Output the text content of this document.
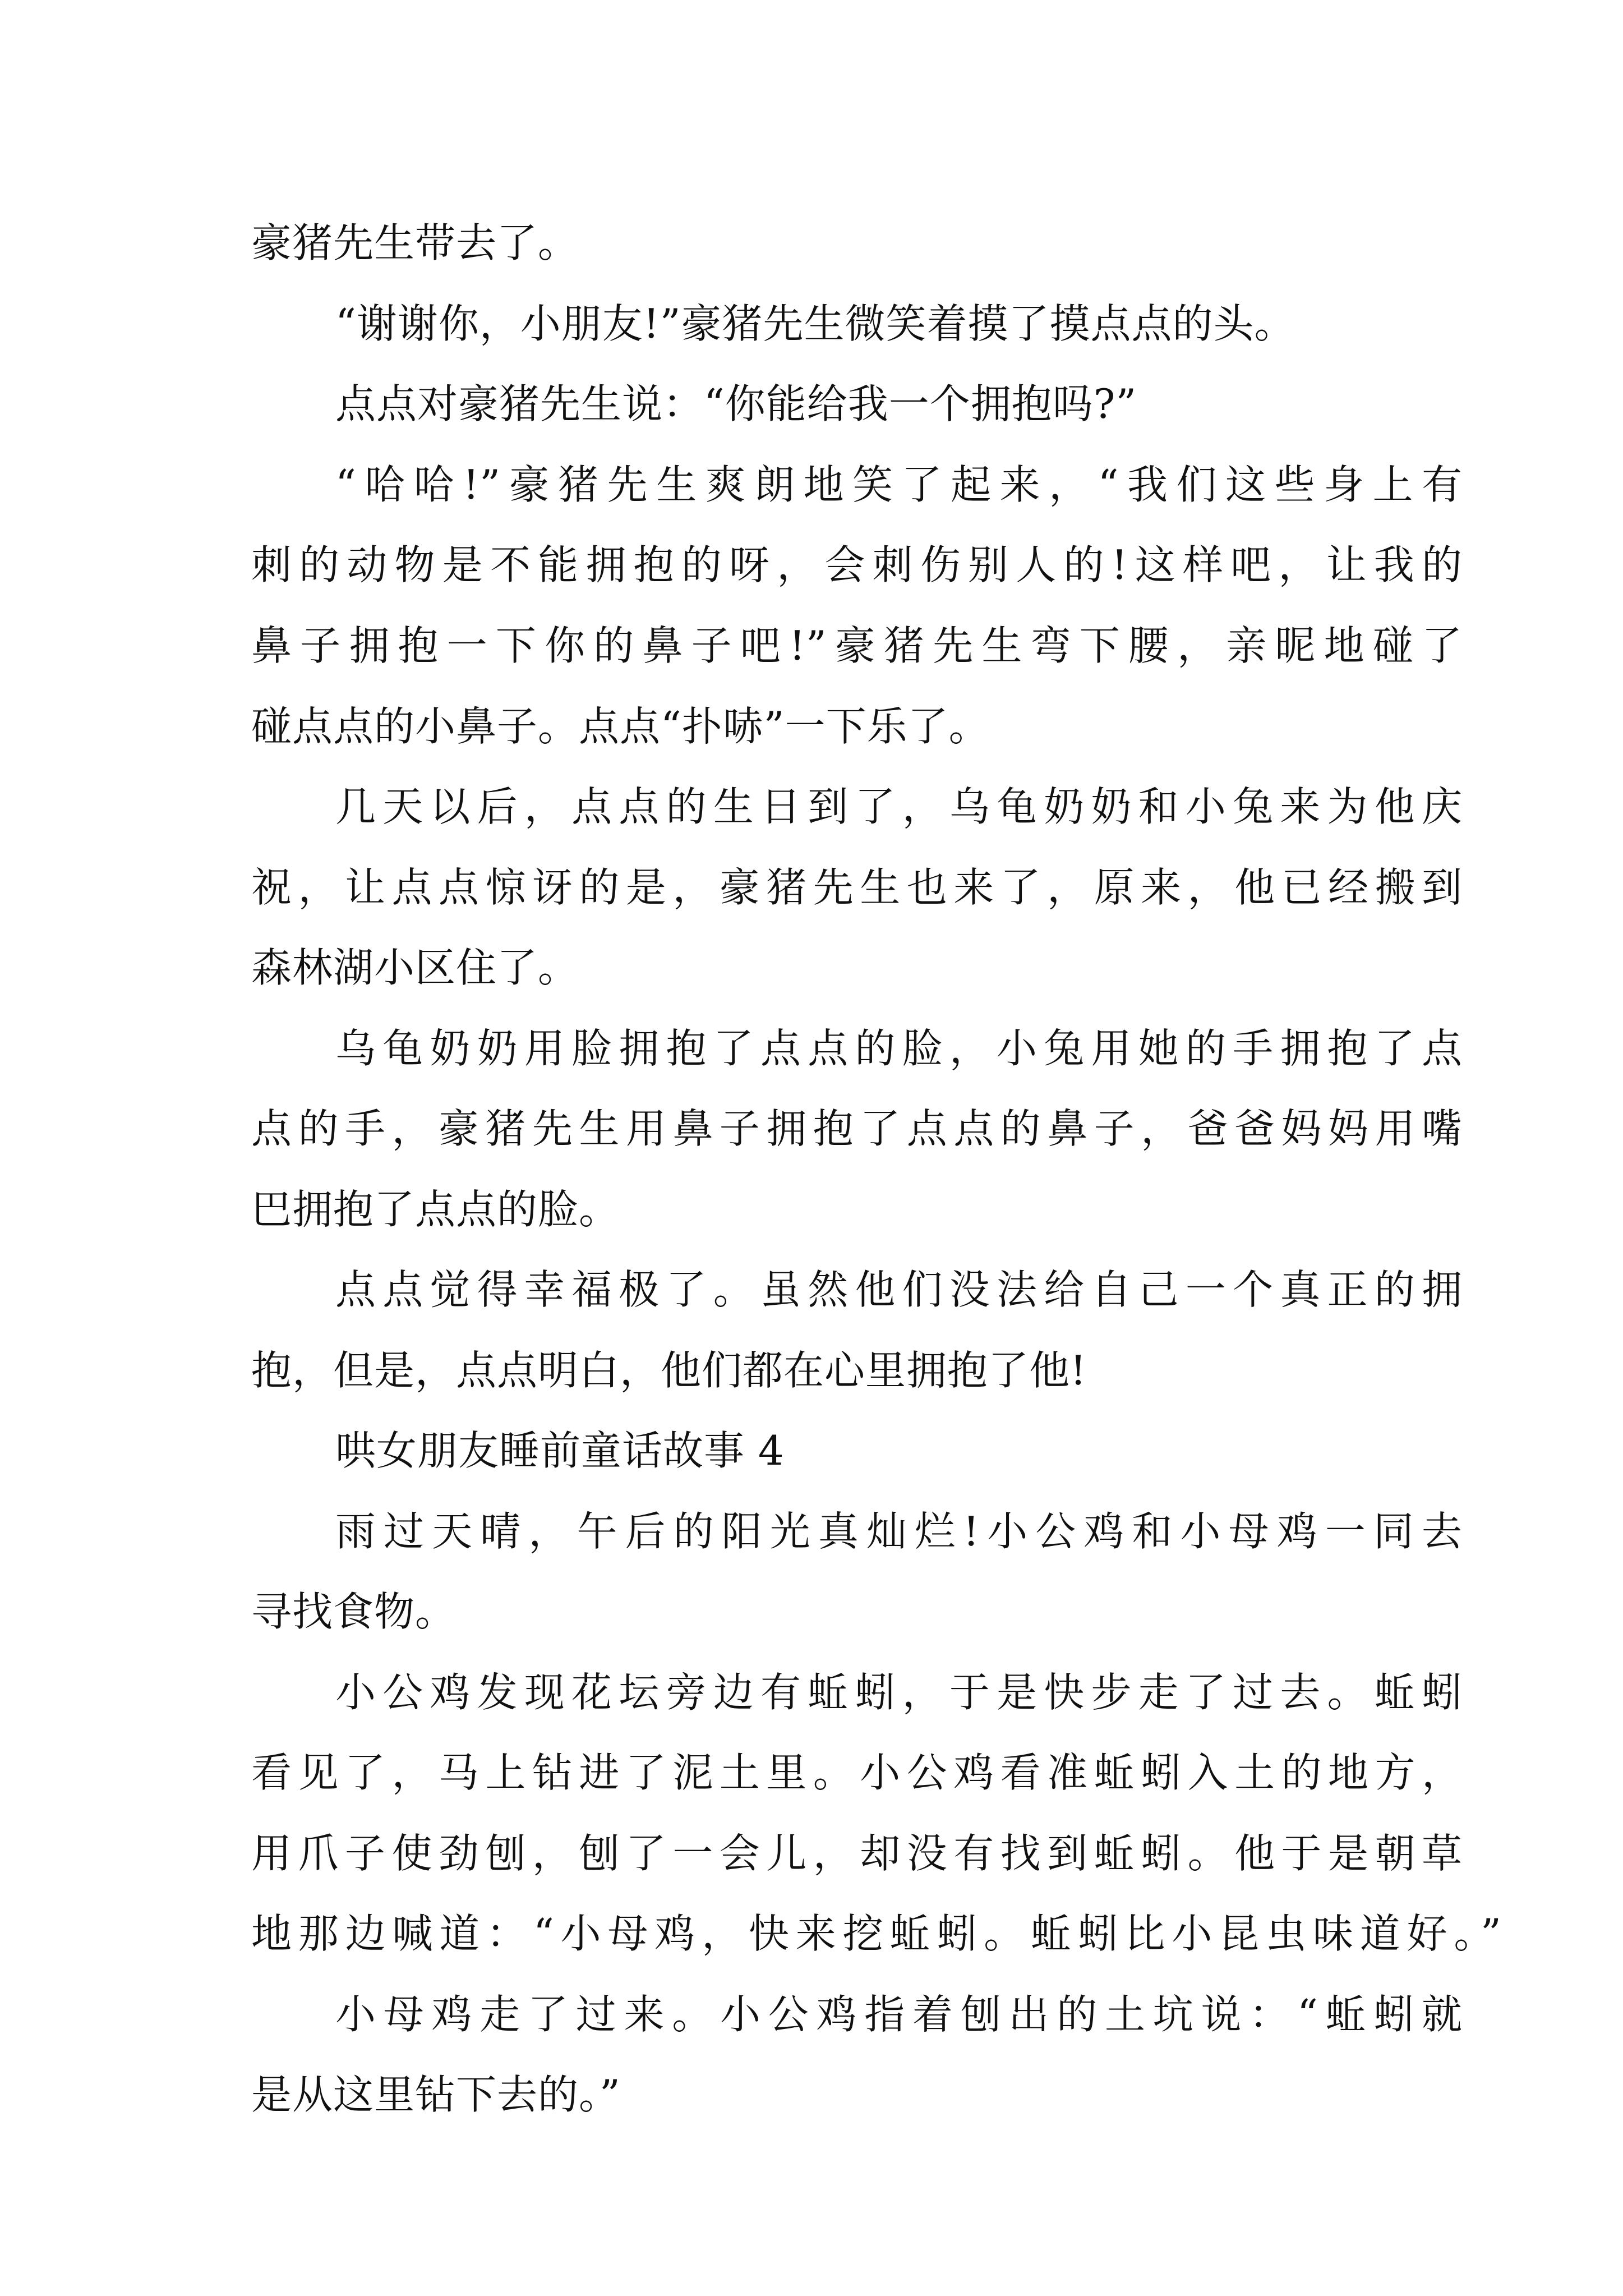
豪猪先生带去了。

“谢谢你，小朋友!”豪猪先生微笑着摸了摸点点的头。

点点对豪猪先生说：“你能给我一个拥抱吗?”

“哈哈!”豪猪先生爽朗地笑了起来，“我们这些身上有

刺的动物是不能拥抱的呀，会刺伤别人的!这样吧，让我的

鼻子拥抱一下你的鼻子吧!”豪猪先生弯下腰，亲昵地碰了

碰点点的小鼻子。点点“扑哧”一下乐了。

几天以后，点点的生日到了，乌龟奶奶和小兔来为他庆

祝，让点点惊讶的是，豪猪先生也来了，原来，他已经搬到

森林湖小区住了。

乌龟奶奶用脸拥抱了点点的脸，小兔用她的手拥抱了点

点的手，豪猪先生用鼻子拥抱了点点的鼻子，爸爸妈妈用嘴

巴拥抱了点点的脸。

点点觉得幸福极了。虽然他们没法给自己一个真正的拥

抱，但是，点点明白，他们都在心里拥抱了他!

哄女朋友睡前童话故事 4

雨过天晴，午后的阳光真灿烂!小公鸡和小母鸡一同去

寻找食物。

小公鸡发现花坛旁边有蚯蚓，于是快步走了过去。蚯蚓

看见了，马上钻进了泥土里。小公鸡看准蚯蚓入土的地方，

用爪子使劲刨，刨了一会儿，却没有找到蚯蚓。他于是朝草

地那边喊道：“小母鸡，快来挖蚯蚓。蚯蚓比小昆虫味道好。”

小母鸡走了过来。小公鸡指着刨出的土坑说：“蚯蚓就

是从这里钻下去的。”
